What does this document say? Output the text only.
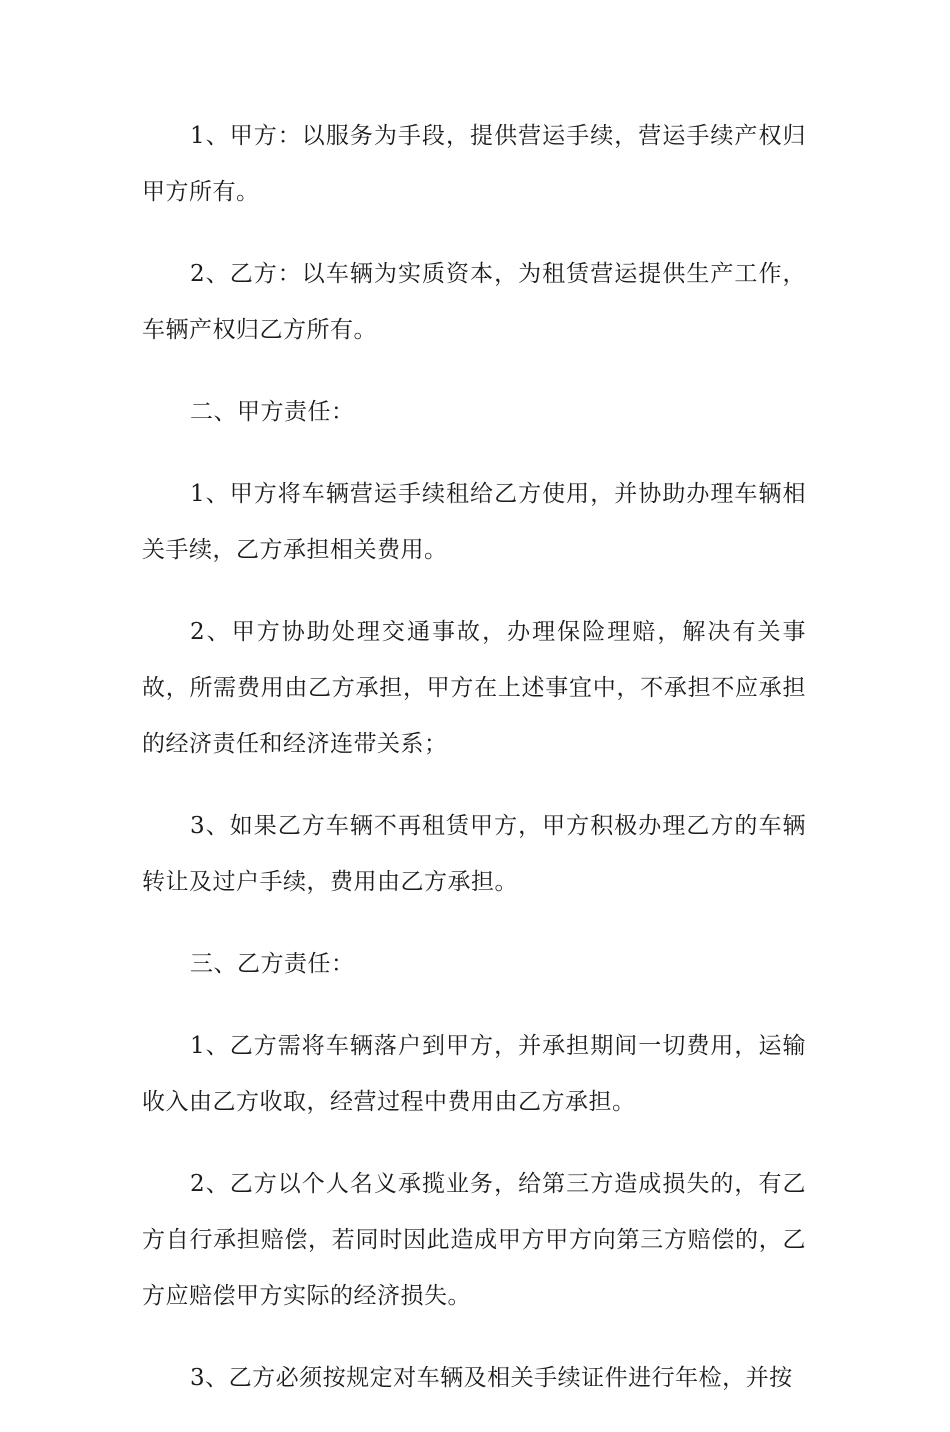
1、甲方：以服务为手段，提供营运手续，营运手续产权归甲方所有。

2、乙方：以车辆为实质资本，为租赁营运提供生产工作，车辆产权归乙方所有。

二、甲方责任：

1、甲方将车辆营运手续租给乙方使用，并协助办理车辆相关手续，乙方承担相关费用。

2、甲方协助处理交通事故，办理保险理赔，解决有关事故，所需费用由乙方承担，甲方在上述事宜中，不承担不应承担的经济责任和经济连带关系；

3、如果乙方车辆不再租赁甲方，甲方积极办理乙方的车辆转让及过户手续，费用由乙方承担。

三、乙方责任：

1、乙方需将车辆落户到甲方，并承担期间一切费用，运输收入由乙方收取，经营过程中费用由乙方承担。

2、乙方以个人名义承揽业务，给第三方造成损失的，有乙方自行承担赔偿，若同时因此造成甲方甲方向第三方赔偿的，乙方应赔偿甲方实际的经济损失。

3、乙方必须按规定对车辆及相关手续证件进行年检，并按
